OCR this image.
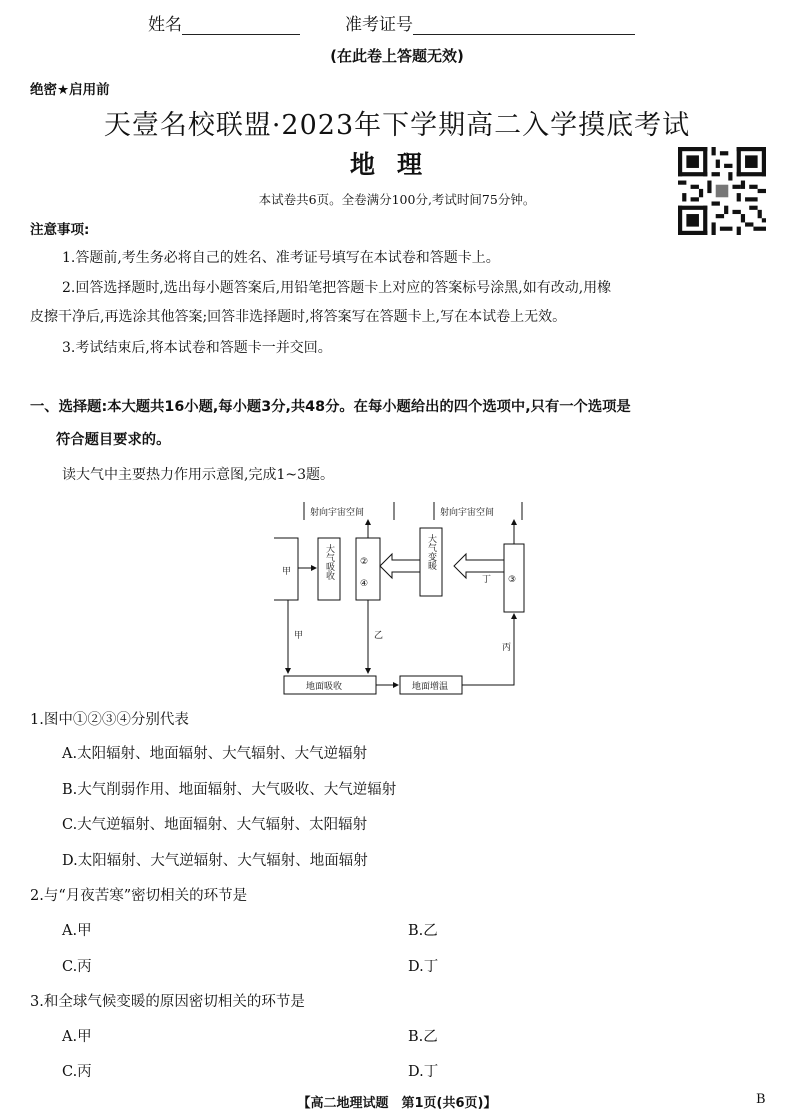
姓名	准考证号
(在此卷上答题无效)
绝密★启用前
天壹名校联盟·2023年下学期高二入学摸底考试
地理
本试卷共6页。全卷满分100分,考试时间75分钟。
注意事项:
1.答题前,考生务必将自己的姓名、准考证号填写在本试卷和答题卡上。
2.回答选择题时,选出每小题答案后,用铅笔把答题卡上对应的答案标号涂黑,如有改动,用橡
皮擦干净后,再选涂其他答案;回答非选择题时,将答案写在答题卡上,写在本试卷上无效。
3.考试结束后,将本试卷和答题卡一并交回。
一、选择题:本大题共16小题,每小题3分,共48分。在每小题给出的四个选项中,只有一个选项是
符合题目要求的。
读大气中主要热力作用示意图,完成1~3题。
射向宇宙空间	射向宇宙空间
甲
②
④	③
甲	乙
丙
丁
地面吸收	地面增温
大气吸收	大气变暖
1.图中①②③④分别代表
A.太阳辐射、地面辐射、大气辐射、大气逆辐射
B.大气削弱作用、地面辐射、大气吸收、大气逆辐射
C.大气逆辐射、地面辐射、大气辐射、太阳辐射
D.太阳辐射、大气逆辐射、大气辐射、地面辐射
2.与“月夜苦寒”密切相关的环节是
A.甲	B.乙
C.丙	D.丁
3.和全球气候变暖的原因密切相关的环节是
A.甲	B.乙
C.丙	D.丁
【高二地理试题　第1页(共6页)】	B
